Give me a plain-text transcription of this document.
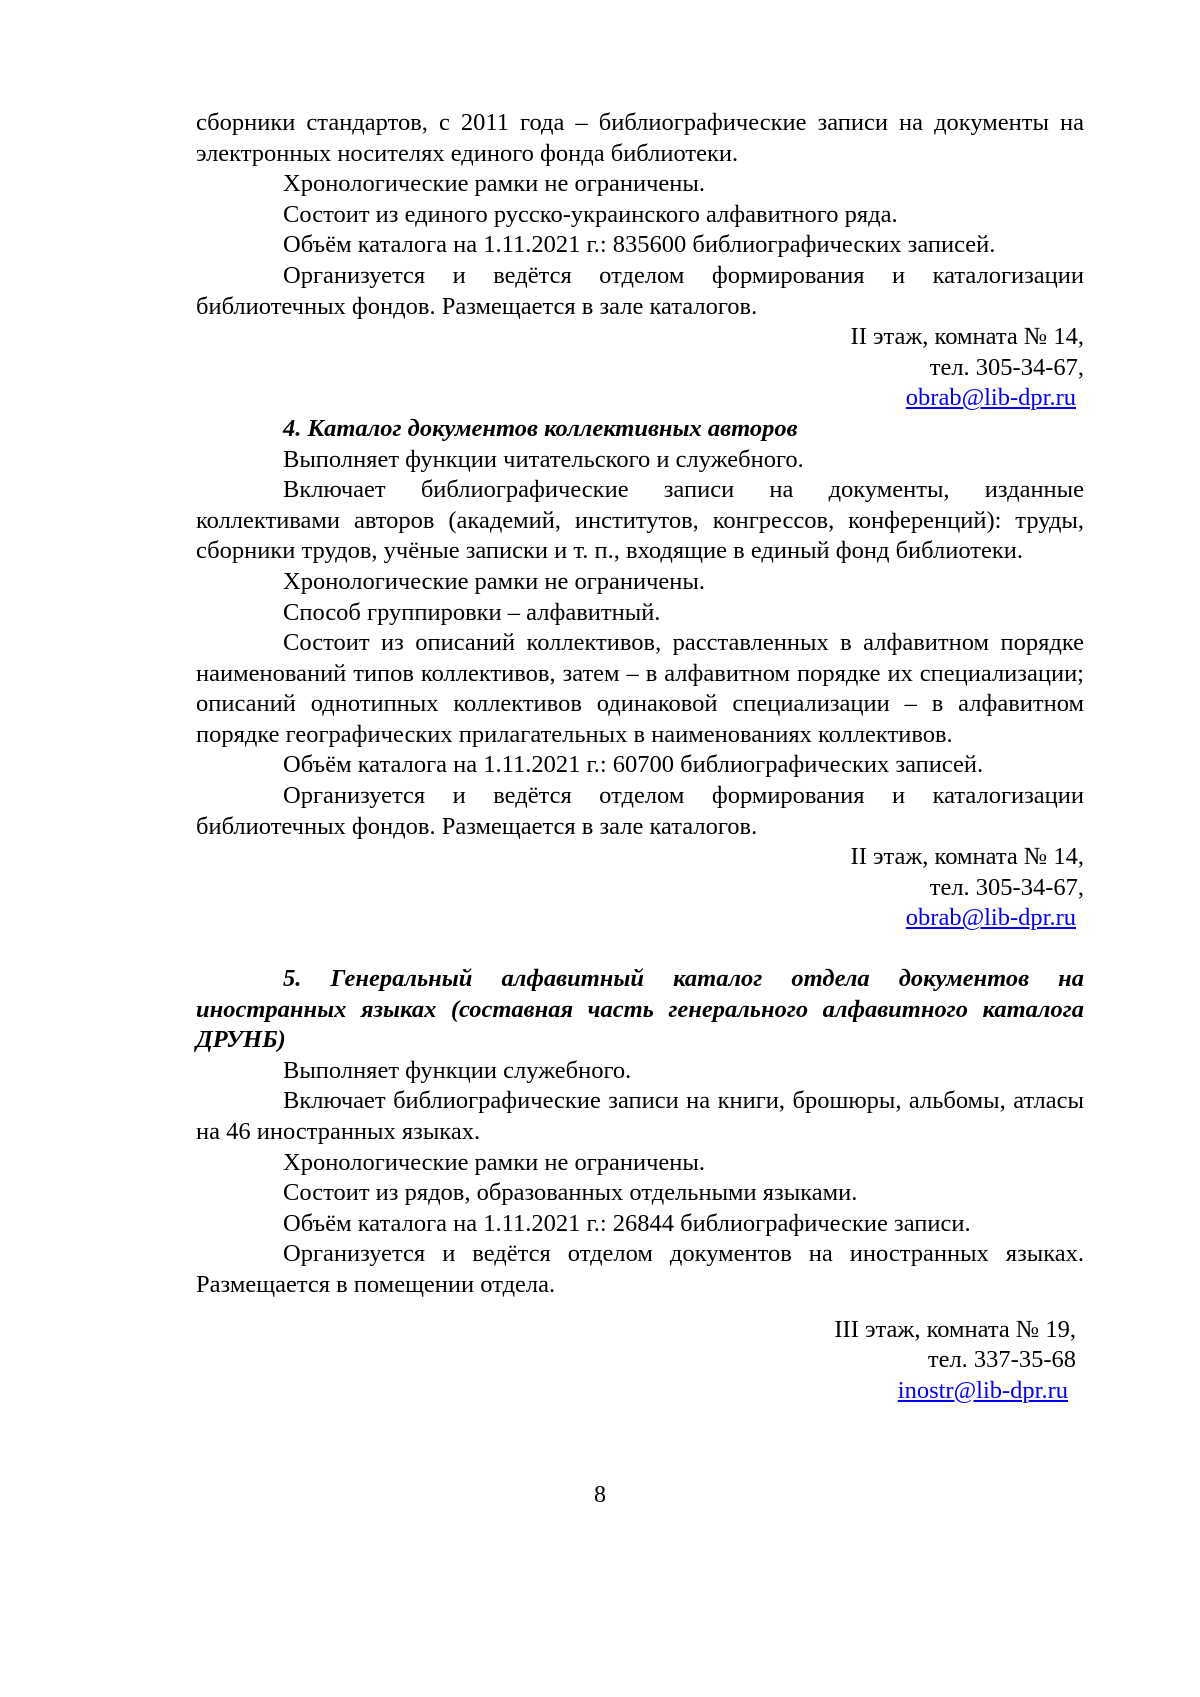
сборники стандартов, с 2011 года – библиографические записи на документы на электронных носителях единого фонда библиотеки.

Хронологические рамки не ограничены.

Состоит из единого русско-украинского алфавитного ряда.

Объём каталога на 1.11.2021 г.: 835600 библиографических записей.

Организуется и ведётся отделом формирования и каталогизации библиотечных фондов. Размещается в зале каталогов.

II этаж, комната № 14,

тел. 305-34-67,

obrab@lib-dpr.ru

4. Каталог документов коллективных авторов

Выполняет функции читательского и служебного.

Включает библиографические записи на документы, изданные коллективами авторов (академий, институтов, конгрессов, конференций): труды, сборники трудов, учёные записки и т. п., входящие в единый фонд библиотеки.

Хронологические рамки не ограничены.

Способ группировки – алфавитный.

Состоит из описаний коллективов, расставленных в алфавитном порядке наименований типов коллективов, затем – в алфавитном порядке их специализации; описаний однотипных коллективов одинаковой специализации – в алфавитном порядке географических прилагательных в наименованиях коллективов.

Объём каталога на 1.11.2021 г.: 60700 библиографических записей.

Организуется и ведётся отделом формирования и каталогизации библиотечных фондов. Размещается в зале каталогов.

II этаж, комната № 14,

тел. 305-34-67,

obrab@lib-dpr.ru

5. Генеральный алфавитный каталог отдела документов на иностранных языках (составная часть генерального алфавитного каталога ДРУНБ)

Выполняет функции служебного.

Включает библиографические записи на книги, брошюры, альбомы, атласы на 46 иностранных языках.

Хронологические рамки не ограничены.

Состоит из рядов, образованных отдельными языками.

Объём каталога на 1.11.2021 г.: 26844 библиографические записи.

Организуется и ведётся отделом документов на иностранных языках. Размещается в помещении отдела.

III этаж, комната № 19,

тел. 337-35-68

inostr@lib-dpr.ru

8
